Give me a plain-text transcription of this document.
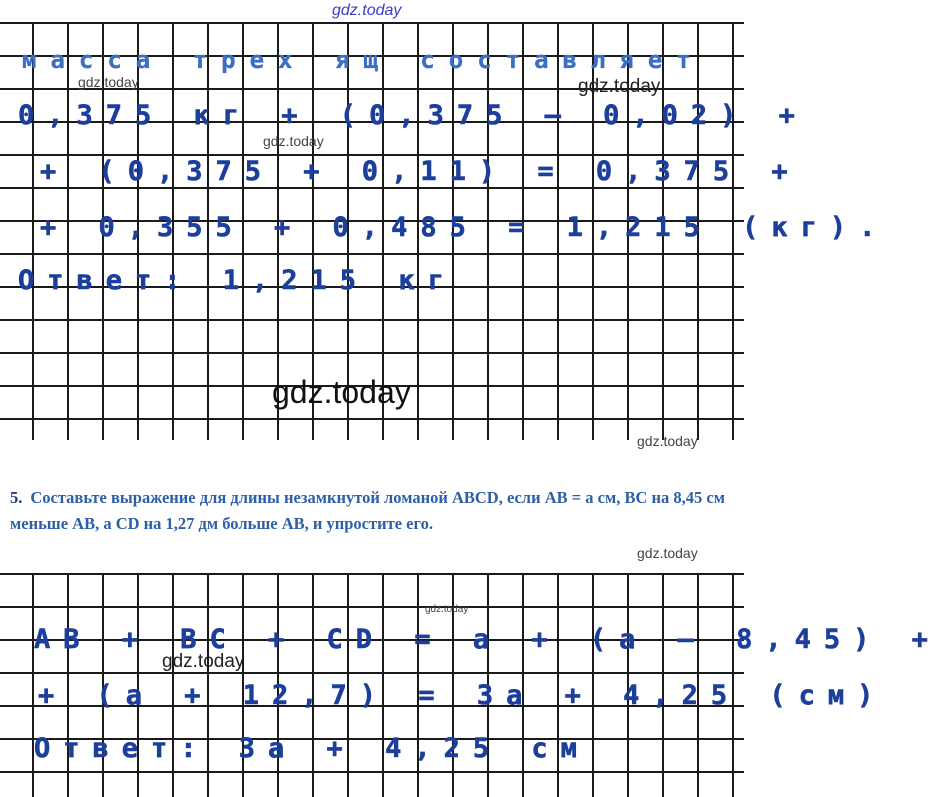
gdz.today
масса трех ящ составляет
0,375 кг + (0,375 – 0,02) +
+ (0,375 + 0,11) = 0,375 +
+ 0,355 + 0,485 = 1,215 (кг).
Ответ: 1,215 кг
gdz.today	gdz.today
gdz.today
gdz.today
gdz.today
5. Составьте выражение для длины незамкнутой ломаной ABCD, если AB = a см, BC на 8,45 см меньше AB, а CD на 1,27 дм больше AB, и упростите его.
gdz.today
AB + BC + CD = a + (a – 8,45) +
+ (a + 12,7) = 3a + 4,25 (см)
Ответ: 3a + 4,25 см
gdz.today
gdz.today
